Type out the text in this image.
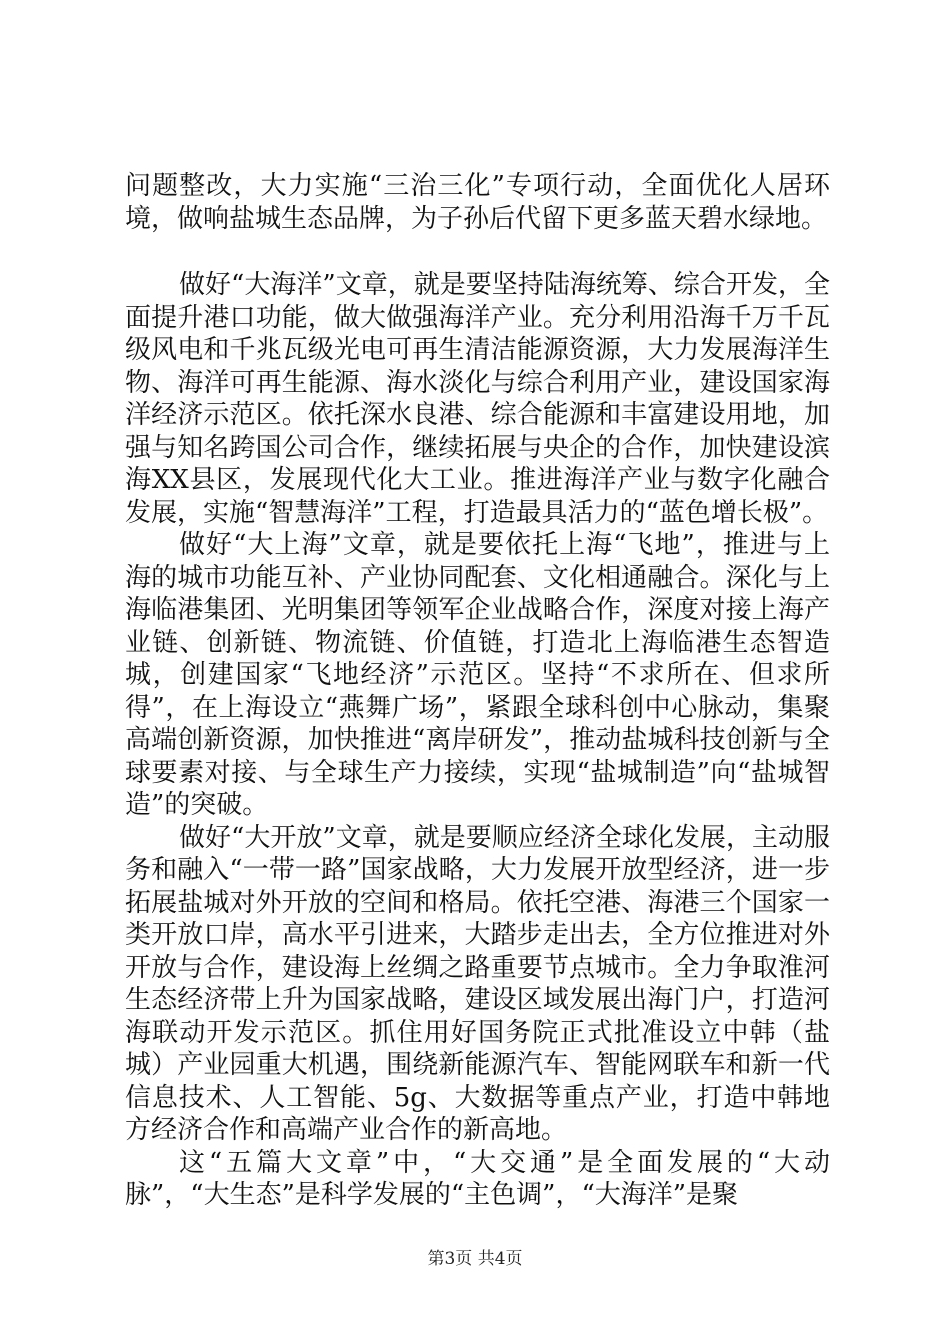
问题整改，大力实施“三治三化”专项行动，全面优化人居环境，做响盐城生态品牌，为子孙后代留下更多蓝天碧水绿地。

做好“大海洋”文章，就是要坚持陆海统筹、综合开发，全面提升港口功能，做大做强海洋产业。充分利用沿海千万千瓦级风电和千兆瓦级光电可再生清洁能源资源，大力发展海洋生物、海洋可再生能源、海水淡化与综合利用产业，建设国家海洋经济示范区。依托深水良港、综合能源和丰富建设用地，加强与知名跨国公司合作，继续拓展与央企的合作，加快建设滨海XX县区，发展现代化大工业。推进海洋产业与数字化融合发展，实施“智慧海洋”工程，打造最具活力的“蓝色增长极”。

做好“大上海”文章，就是要依托上海“飞地”，推进与上海的城市功能互补、产业协同配套、文化相通融合。深化与上海临港集团、光明集团等领军企业战略合作，深度对接上海产业链、创新链、物流链、价值链，打造北上海临港生态智造城，创建国家“飞地经济”示范区。坚持“不求所在、但求所得”，在上海设立“燕舞广场”，紧跟全球科创中心脉动，集聚高端创新资源，加快推进“离岸研发”，推动盐城科技创新与全球要素对接、与全球生产力接续，实现“盐城制造”向“盐城智造”的突破。

做好“大开放”文章，就是要顺应经济全球化发展，主动服务和融入“一带一路”国家战略，大力发展开放型经济，进一步拓展盐城对外开放的空间和格局。依托空港、海港三个国家一类开放口岸，高水平引进来，大踏步走出去，全方位推进对外开放与合作，建设海上丝绸之路重要节点城市。全力争取淮河生态经济带上升为国家战略，建设区域发展出海门户，打造河海联动开发示范区。抓住用好国务院正式批准设立中韩（盐城）产业园重大机遇，围绕新能源汽车、智能网联车和新一代信息技术、人工智能、5g、大数据等重点产业，打造中韩地方经济合作和高端产业合作的新高地。

这“五篇大文章”中，“大交通”是全面发展的“大动脉”，“大生态”是科学发展的“主色调”，“大海洋”是聚

第3页 共4页
